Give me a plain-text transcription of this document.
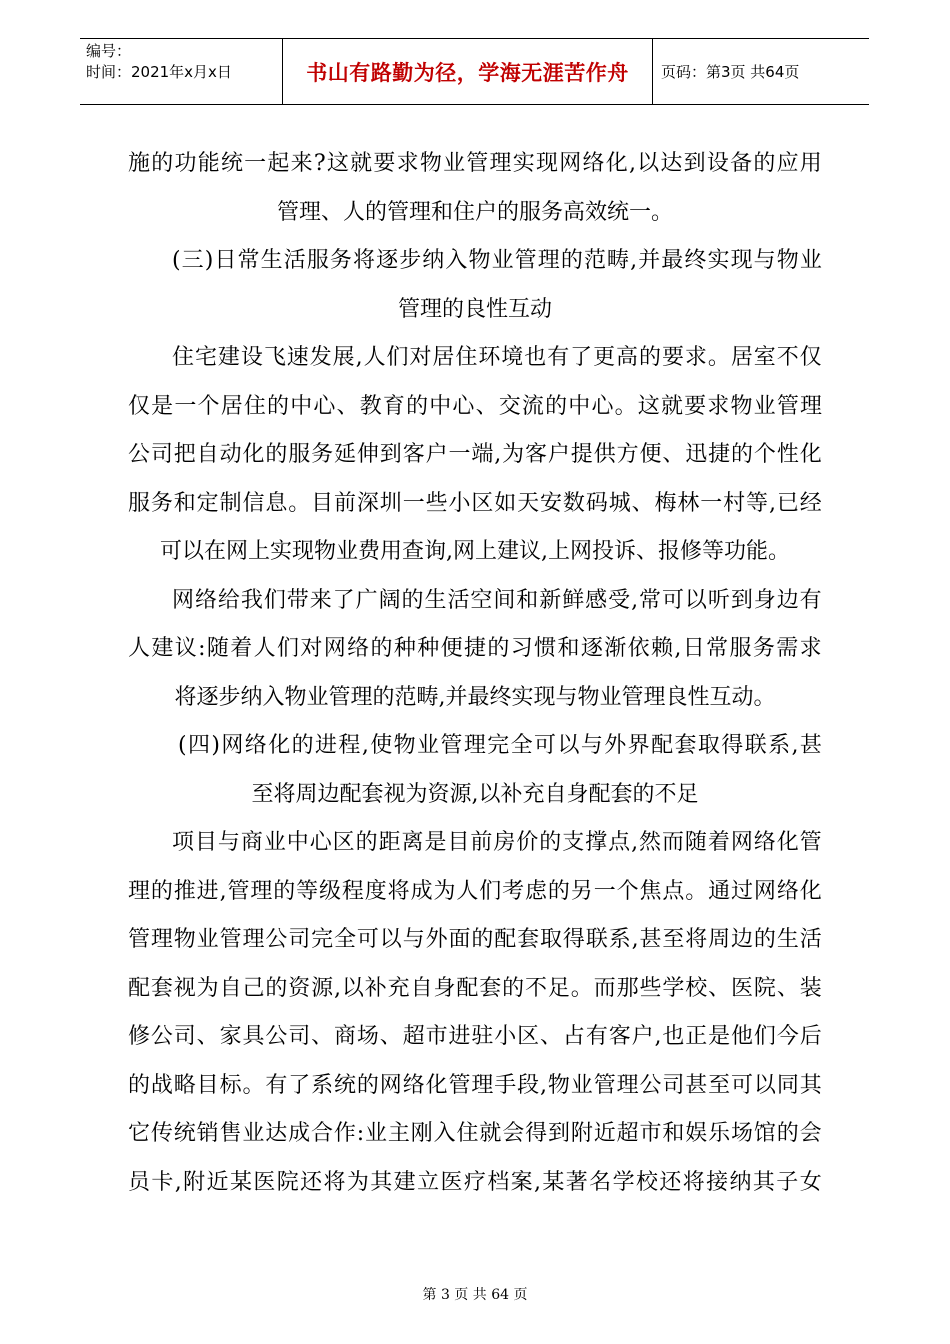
编号：
时间：2021年x月x日	书山有路勤为径，学海无涯苦作舟	页码：第3页 共64页
施 的 功 能 统 一 起 来 ? 这 就 要 求 物 业 管 理 实 现 网 络 化 , 以 达 到 设 备 的 应 用
管理、人的管理和住户的服务高效统一。
( 三 ) 日 常 生 活 服 务 将 逐 步 纳 入 物 业 管 理 的 范 畴 , 并 最 终 实 现 与 物 业
管理的良性互动
住 宅 建 设 飞 速 发 展 , 人 们 对 居 住 环 境 也 有 了 更 高 的 要 求 。 居 室 不 仅
仅 是 一 个 居 住 的 中 心 、 教 育 的 中 心 、 交 流 的 中 心 。 这 就 要 求 物 业 管 理
公 司 把 自 动 化 的 服 务 延 伸 到 客 户 一 端 , 为 客 户 提 供 方 便 、 迅 捷 的 个 性 化
服 务 和 定 制 信 息 。 目 前 深 圳 一 些 小 区 如 天 安 数 码 城 、 梅 林 一 村 等 , 已 经
可以在网上实现物业费用查询,网上建议,上网投诉、报修等功能。
网 络 给 我 们 带 来 了 广 阔 的 生 活 空 间 和 新 鲜 感 受 , 常 可 以 听 到 身 边 有
人 建 议 : 随 着 人 们 对 网 络 的 种 种 便 捷 的 习 惯 和 逐 渐 依 赖 , 日 常 服 务 需 求
将逐步纳入物业管理的范畴,并最终实现与物业管理良性互动。
( 四 ) 网 络 化 的 进 程 , 使 物 业 管 理 完 全 可 以 与 外 界 配 套 取 得 联 系 , 甚
至将周边配套视为资源,以补充自身配套的不足
项 目 与 商 业 中 心 区 的 距 离 是 目 前 房 价 的 支 撑 点 , 然 而 随 着 网 络 化 管
理 的 推 进 , 管 理 的 等 级 程 度 将 成 为 人 们 考 虑 的 另 一 个 焦 点 。 通 过 网 络 化
管 理 物 业 管 理 公 司 完 全 可 以 与 外 面 的 配 套 取 得 联 系 , 甚 至 将 周 边 的 生 活
配 套 视 为 自 己 的 资 源 , 以 补 充 自 身 配 套 的 不 足 。 而 那 些 学 校 、 医 院 、 装
修 公 司 、 家 具 公 司 、 商 场 、 超 市 进 驻 小 区 、 占 有 客 户 , 也 正 是 他 们 今 后
的 战 略 目 标 。 有 了 系 统 的 网 络 化 管 理 手 段 , 物 业 管 理 公 司 甚 至 可 以 同 其
它 传 统 销 售 业 达 成 合 作 : 业 主 刚 入 住 就 会 得 到 附 近 超 市 和 娱 乐 场 馆 的 会
员 卡 , 附 近 某 医 院 还 将 为 其 建 立 医 疗 档 案 , 某 著 名 学 校 还 将 接 纳 其 子 女
第 3 页 共 64 页
